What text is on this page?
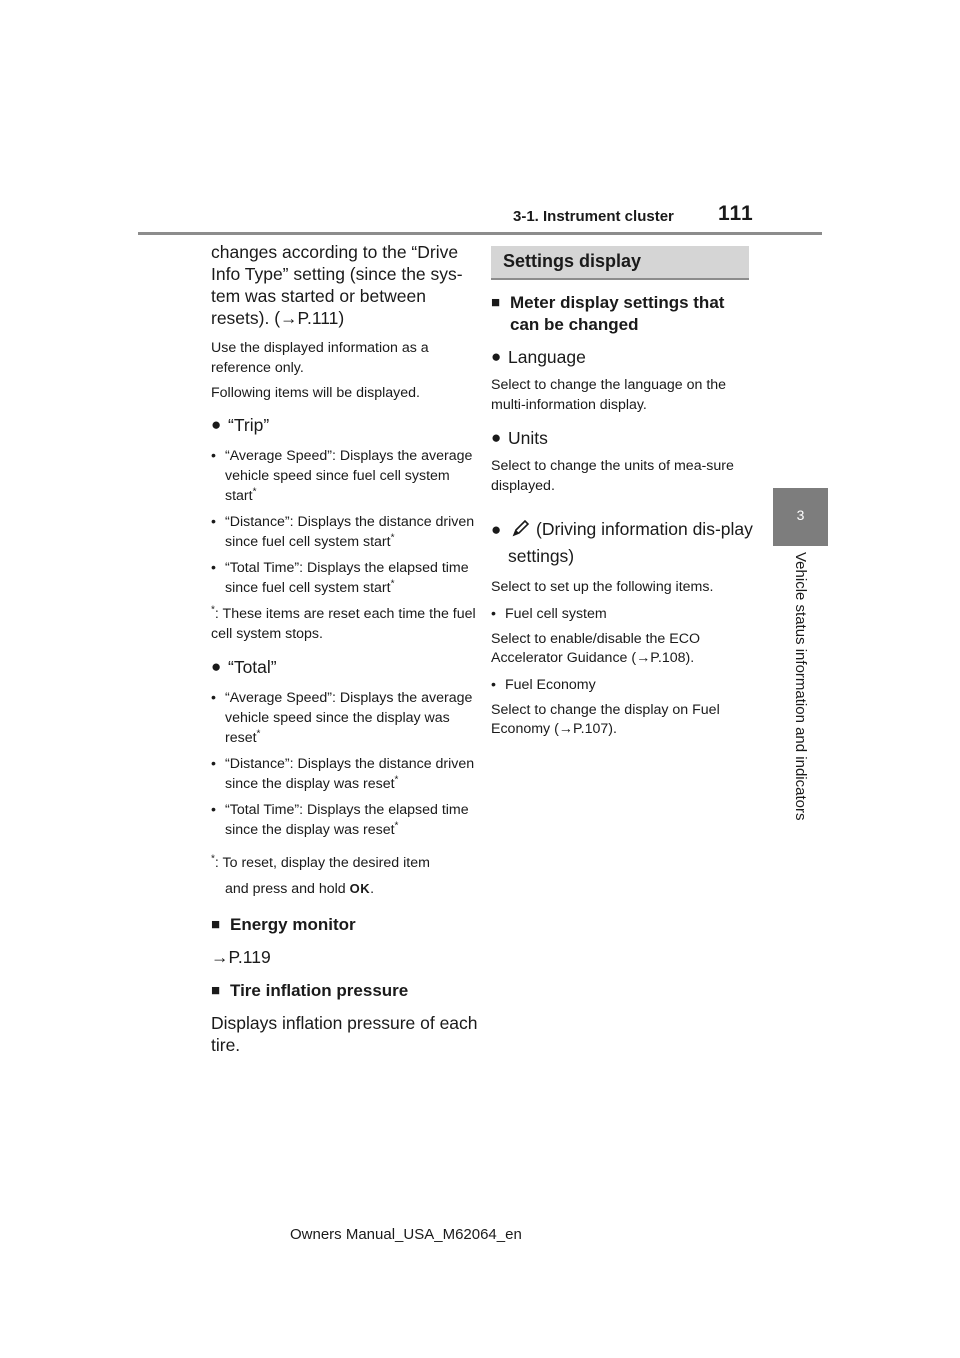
3-1. Instrument cluster 111
3
Vehicle status information and indicators

changes according to the “Drive Info Type” setting (since the sys-tem was started or between resets). (→P.111)

Use the displayed information as a reference only.

Following items will be displayed.

● “Trip”
• “Average Speed”: Displays the average vehicle speed since fuel cell system start*
• “Distance”: Displays the distance driven since fuel cell system start*
• “Total Time”: Displays the elapsed time since fuel cell system start*
*: These items are reset each time the fuel cell system stops.
● “Total”
• “Average Speed”: Displays the average vehicle speed since the display was reset*
• “Distance”: Displays the distance driven since the display was reset*
• “Total Time”: Displays the elapsed time since the display was reset*
*: To reset, display the desired item
and press and hold OK.
■ Energy monitor

→P.119

■ Tire inflation pressure

Displays inflation pressure of each tire.

Settings display
■ Meter display settings that can be changed
● Language

Select to change the language on the multi-information display.

● Units

Select to change the units of mea-sure displayed.

●	(Driving information dis-play settings)

Select to set up the following items.

• Fuel cell system

Select to enable/disable the ECO Accelerator Guidance (→P.108).

• Fuel Economy

Select to change the display on Fuel Economy (→P.107).

Owners Manual_USA_M62064_en
